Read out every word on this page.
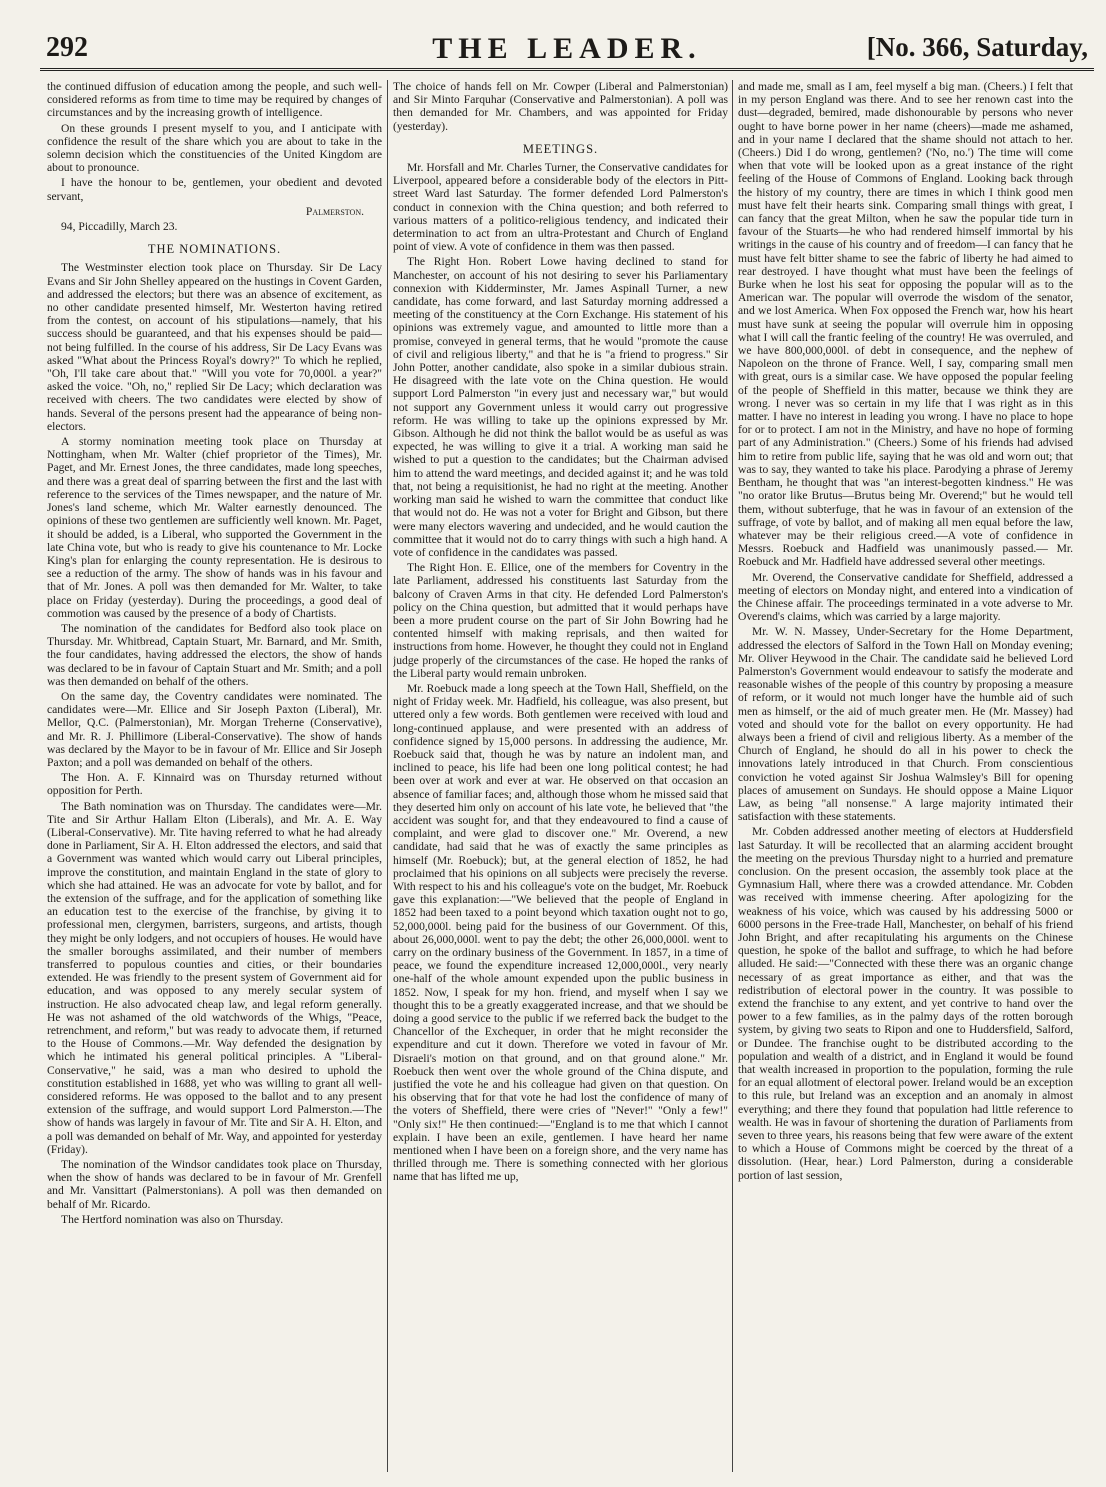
292	THE LEADER.	[No. 366, Saturday,

the continued diffusion of education among the people, and such well-considered reforms as from time to time may be required by changes of circumstances and by the increasing growth of intelligence.

On these grounds I present myself to you, and I anticipate with confidence the result of the share which you are about to take in the solemn decision which the constituencies of the United Kingdom are about to pronounce.

I have the honour to be, gentlemen, your obedient and devoted servant,

Palmerston.

94, Piccadilly, March 23.

THE NOMINATIONS.

The Westminster election took place on Thursday. Sir De Lacy Evans and Sir John Shelley appeared on the hustings in Covent Garden, and addressed the electors; but there was an absence of excitement, as no other candidate presented himself, Mr. Westerton having retired from the contest, on account of his stipulations—namely, that his success should be guaranteed, and that his expenses should be paid—not being fulfilled. In the course of his address, Sir De Lacy Evans was asked "What about the Princess Royal's dowry?" To which he replied, "Oh, I'll take care about that." "Will you vote for 70,000l. a year?" asked the voice. "Oh, no," replied Sir De Lacy; which declaration was received with cheers. The two candidates were elected by show of hands. Several of the persons present had the appearance of being non-electors.

A stormy nomination meeting took place on Thursday at Nottingham, when Mr. Walter (chief proprietor of the Times), Mr. Paget, and Mr. Ernest Jones, the three candidates, made long speeches, and there was a great deal of sparring between the first and the last with reference to the services of the Times newspaper, and the nature of Mr. Jones's land scheme, which Mr. Walter earnestly denounced. The opinions of these two gentlemen are sufficiently well known. Mr. Paget, it should be added, is a Liberal, who supported the Government in the late China vote, but who is ready to give his countenance to Mr. Locke King's plan for enlarging the county representation. He is desirous to see a reduction of the army. The show of hands was in his favour and that of Mr. Jones. A poll was then demanded for Mr. Walter, to take place on Friday (yesterday). During the proceedings, a good deal of commotion was caused by the presence of a body of Chartists.

The nomination of the candidates for Bedford also took place on Thursday. Mr. Whitbread, Captain Stuart, Mr. Barnard, and Mr. Smith, the four candidates, having addressed the electors, the show of hands was declared to be in favour of Captain Stuart and Mr. Smith; and a poll was then demanded on behalf of the others.

On the same day, the Coventry candidates were nominated. The candidates were—Mr. Ellice and Sir Joseph Paxton (Liberal), Mr. Mellor, Q.C. (Palmerstonian), Mr. Morgan Treherne (Conservative), and Mr. R. J. Phillimore (Liberal-Conservative). The show of hands was declared by the Mayor to be in favour of Mr. Ellice and Sir Joseph Paxton; and a poll was demanded on behalf of the others.

The Hon. A. F. Kinnaird was on Thursday returned without opposition for Perth.

The Bath nomination was on Thursday. The candidates were—Mr. Tite and Sir Arthur Hallam Elton (Liberals), and Mr. A. E. Way (Liberal-Conservative). Mr. Tite having referred to what he had already done in Parliament, Sir A. H. Elton addressed the electors, and said that a Government was wanted which would carry out Liberal principles, improve the constitution, and maintain England in the state of glory to which she had attained. He was an advocate for vote by ballot, and for the extension of the suffrage, and for the application of something like an education test to the exercise of the franchise, by giving it to professional men, clergymen, barristers, surgeons, and artists, though they might be only lodgers, and not occupiers of houses. He would have the smaller boroughs assimilated, and their number of members transferred to populous counties and cities, or their boundaries extended. He was friendly to the present system of Government aid for education, and was opposed to any merely secular system of instruction. He also advocated cheap law, and legal reform generally. He was not ashamed of the old watchwords of the Whigs, "Peace, retrenchment, and reform," but was ready to advocate them, if returned to the House of Commons.—Mr. Way defended the designation by which he intimated his general political principles. A "Liberal-Conservative," he said, was a man who desired to uphold the constitution established in 1688, yet who was willing to grant all well-considered reforms. He was opposed to the ballot and to any present extension of the suffrage, and would support Lord Palmerston.—The show of hands was largely in favour of Mr. Tite and Sir A. H. Elton, and a poll was demanded on behalf of Mr. Way, and appointed for yesterday (Friday).

The nomination of the Windsor candidates took place on Thursday, when the show of hands was declared to be in favour of Mr. Grenfell and Mr. Vansittart (Palmerstonians). A poll was then demanded on behalf of Mr. Ricardo.

The Hertford nomination was also on Thursday.

The choice of hands fell on Mr. Cowper (Liberal and Palmerstonian) and Sir Minto Farquhar (Conservative and Palmerstonian). A poll was then demanded for Mr. Chambers, and was appointed for Friday (yesterday).

MEETINGS.

Mr. Horsfall and Mr. Charles Turner, the Conservative candidates for Liverpool, appeared before a considerable body of the electors in Pitt-street Ward last Saturday. The former defended Lord Palmerston's conduct in connexion with the China question; and both referred to various matters of a politico-religious tendency, and indicated their determination to act from an ultra-Protestant and Church of England point of view. A vote of confidence in them was then passed.

The Right Hon. Robert Lowe having declined to stand for Manchester, on account of his not desiring to sever his Parliamentary connexion with Kidderminster, Mr. James Aspinall Turner, a new candidate, has come forward, and last Saturday morning addressed a meeting of the constituency at the Corn Exchange. His statement of his opinions was extremely vague, and amounted to little more than a promise, conveyed in general terms, that he would "promote the cause of civil and religious liberty," and that he is "a friend to progress." Sir John Potter, another candidate, also spoke in a similar dubious strain. He disagreed with the late vote on the China question. He would support Lord Palmerston "in every just and necessary war," but would not support any Government unless it would carry out progressive reform. He was willing to take up the opinions expressed by Mr. Gibson. Although he did not think the ballot would be as useful as was expected, he was willing to give it a trial. A working man said he wished to put a question to the candidates; but the Chairman advised him to attend the ward meetings, and decided against it; and he was told that, not being a requisitionist, he had no right at the meeting. Another working man said he wished to warn the committee that conduct like that would not do. He was not a voter for Bright and Gibson, but there were many electors wavering and undecided, and he would caution the committee that it would not do to carry things with such a high hand. A vote of confidence in the candidates was passed.

The Right Hon. E. Ellice, one of the members for Coventry in the late Parliament, addressed his constituents last Saturday from the balcony of Craven Arms in that city. He defended Lord Palmerston's policy on the China question, but admitted that it would perhaps have been a more prudent course on the part of Sir John Bowring had he contented himself with making reprisals, and then waited for instructions from home. However, he thought they could not in England judge properly of the circumstances of the case. He hoped the ranks of the Liberal party would remain unbroken.

Mr. Roebuck made a long speech at the Town Hall, Sheffield, on the night of Friday week. Mr. Hadfield, his colleague, was also present, but uttered only a few words. Both gentlemen were received with loud and long-continued applause, and were presented with an address of confidence signed by 15,000 persons. In addressing the audience, Mr. Roebuck said that, though he was by nature an indolent man, and inclined to peace, his life had been one long political contest; he had been over at work and ever at war. He observed on that occasion an absence of familiar faces; and, although those whom he missed said that they deserted him only on account of his late vote, he believed that "the accident was sought for, and that they endeavoured to find a cause of complaint, and were glad to discover one." Mr. Overend, a new candidate, had said that he was of exactly the same principles as himself (Mr. Roebuck); but, at the general election of 1852, he had proclaimed that his opinions on all subjects were precisely the reverse. With respect to his and his colleague's vote on the budget, Mr. Roebuck gave this explanation:—"We believed that the people of England in 1852 had been taxed to a point beyond which taxation ought not to go, 52,000,000l. being paid for the business of our Government. Of this, about 26,000,000l. went to pay the debt; the other 26,000,000l. went to carry on the ordinary business of the Government. In 1857, in a time of peace, we found the expenditure increased 12,000,000l., very nearly one-half of the whole amount expended upon the public business in 1852. Now, I speak for my hon. friend, and myself when I say we thought this to be a greatly exaggerated increase, and that we should be doing a good service to the public if we referred back the budget to the Chancellor of the Exchequer, in order that he might reconsider the expenditure and cut it down. Therefore we voted in favour of Mr. Disraeli's motion on that ground, and on that ground alone." Mr. Roebuck then went over the whole ground of the China dispute, and justified the vote he and his colleague had given on that question. On his observing that for that vote he had lost the confidence of many of the voters of Sheffield, there were cries of "Never!" "Only a few!" "Only six!" He then continued:—"England is to me that which I cannot explain. I have been an exile, gentlemen. I have heard her name mentioned when I have been on a foreign shore, and the very name has thrilled through me. There is something connected with her glorious name that has lifted me up,

and made me, small as I am, feel myself a big man. (Cheers.) I felt that in my person England was there. And to see her renown cast into the dust—degraded, bemired, made dishonourable by persons who never ought to have borne power in her name (cheers)—made me ashamed, and in your name I declared that the shame should not attach to her. (Cheers.) Did I do wrong, gentlemen? ('No, no.') The time will come when that vote will be looked upon as a great instance of the right feeling of the House of Commons of England. Looking back through the history of my country, there are times in which I think good men must have felt their hearts sink. Comparing small things with great, I can fancy that the great Milton, when he saw the popular tide turn in favour of the Stuarts—he who had rendered himself immortal by his writings in the cause of his country and of freedom—I can fancy that he must have felt bitter shame to see the fabric of liberty he had aimed to rear destroyed. I have thought what must have been the feelings of Burke when he lost his seat for opposing the popular will as to the American war. The popular will overrode the wisdom of the senator, and we lost America. When Fox opposed the French war, how his heart must have sunk at seeing the popular will overrule him in opposing what I will call the frantic feeling of the country! He was overruled, and we have 800,000,000l. of debt in consequence, and the nephew of Napoleon on the throne of France. Well, I say, comparing small men with great, ours is a similar case. We have opposed the popular feeling of the people of Sheffield in this matter, because we think they are wrong. I never was so certain in my life that I was right as in this matter. I have no interest in leading you wrong. I have no place to hope for or to protect. I am not in the Ministry, and have no hope of forming part of any Administration." (Cheers.) Some of his friends had advised him to retire from public life, saying that he was old and worn out; that was to say, they wanted to take his place. Parodying a phrase of Jeremy Bentham, he thought that was "an interest-begotten kindness." He was "no orator like Brutus—Brutus being Mr. Overend;" but he would tell them, without subterfuge, that he was in favour of an extension of the suffrage, of vote by ballot, and of making all men equal before the law, whatever may be their religious creed.—A vote of confidence in Messrs. Roebuck and Hadfield was unanimously passed.— Mr. Roebuck and Mr. Hadfield have addressed several other meetings.

Mr. Overend, the Conservative candidate for Sheffield, addressed a meeting of electors on Monday night, and entered into a vindication of the Chinese affair. The proceedings terminated in a vote adverse to Mr. Overend's claims, which was carried by a large majority.

Mr. W. N. Massey, Under-Secretary for the Home Department, addressed the electors of Salford in the Town Hall on Monday evening; Mr. Oliver Heywood in the Chair. The candidate said he believed Lord Palmerston's Government would endeavour to satisfy the moderate and reasonable wishes of the people of this country by proposing a measure of reform, or it would not much longer have the humble aid of such men as himself, or the aid of much greater men. He (Mr. Massey) had voted and should vote for the ballot on every opportunity. He had always been a friend of civil and religious liberty. As a member of the Church of England, he should do all in his power to check the innovations lately introduced in that Church. From conscientious conviction he voted against Sir Joshua Walmsley's Bill for opening places of amusement on Sundays. He should oppose a Maine Liquor Law, as being "all nonsense." A large majority intimated their satisfaction with these statements.

Mr. Cobden addressed another meeting of electors at Huddersfield last Saturday. It will be recollected that an alarming accident brought the meeting on the previous Thursday night to a hurried and premature conclusion. On the present occasion, the assembly took place at the Gymnasium Hall, where there was a crowded attendance. Mr. Cobden was received with immense cheering. After apologizing for the weakness of his voice, which was caused by his addressing 5000 or 6000 persons in the Free-trade Hall, Manchester, on behalf of his friend John Bright, and after recapitulating his arguments on the Chinese question, he spoke of the ballot and suffrage, to which he had before alluded. He said:—"Connected with these there was an organic change necessary of as great importance as either, and that was the redistribution of electoral power in the country. It was possible to extend the franchise to any extent, and yet contrive to hand over the power to a few families, as in the palmy days of the rotten borough system, by giving two seats to Ripon and one to Huddersfield, Salford, or Dundee. The franchise ought to be distributed according to the population and wealth of a district, and in England it would be found that wealth increased in proportion to the population, forming the rule for an equal allotment of electoral power. Ireland would be an exception to this rule, but Ireland was an exception and an anomaly in almost everything; and there they found that population had little reference to wealth. He was in favour of shortening the duration of Parliaments from seven to three years, his reasons being that few were aware of the extent to which a House of Commons might be coerced by the threat of a dissolution. (Hear, hear.) Lord Palmerston, during a considerable portion of last session,
